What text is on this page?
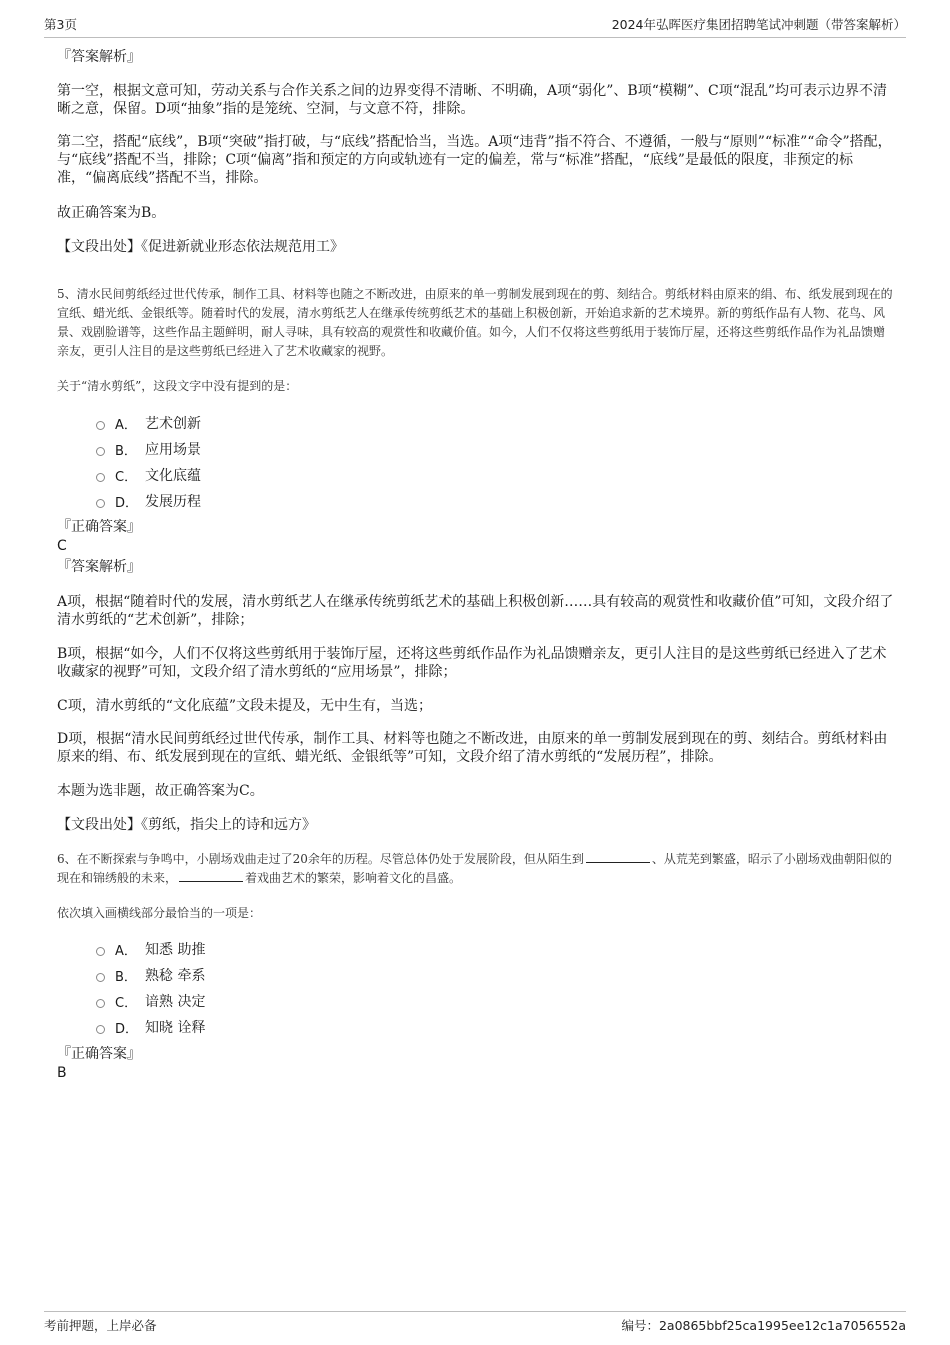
第3页	2024年弘晖医疗集团招聘笔试冲刺题（带答案解析）

『答案解析』

第一空，根据文意可知，劳动关系与合作关系之间的边界变得不清晰、不明确，A项“弱化”、B项“模糊”、C项“混乱”均可表示边界不清晰之意，保留。D项“抽象”指的是笼统、空洞，与文意不符，排除。

第二空，搭配“底线”，B项“突破”指打破，与“底线”搭配恰当，当选。A项“违背”指不符合、不遵循，一般与“原则”“标准”“命令”搭配，与“底线”搭配不当，排除；C项“偏离”指和预定的方向或轨迹有一定的偏差，常与“标准”搭配，“底线”是最低的限度，非预定的标准，“偏离底线”搭配不当，排除。

故正确答案为B。

【文段出处】《促进新就业形态依法规范用工》

5、清水民间剪纸经过世代传承，制作工具、材料等也随之不断改进，由原来的单一剪制发展到现在的剪、刻结合。剪纸材料由原来的绢、布、纸发展到现在的宣纸、蜡光纸、金银纸等。随着时代的发展，清水剪纸艺人在继承传统剪纸艺术的基础上积极创新，开始追求新的艺术境界。新的剪纸作品有人物、花鸟、风景、戏剧脸谱等，这些作品主题鲜明，耐人寻味，具有较高的观赏性和收藏价值。如今，人们不仅将这些剪纸用于装饰厅屋，还将这些剪纸作品作为礼品馈赠亲友，更引人注目的是这些剪纸已经进入了艺术收藏家的视野。

关于“清水剪纸”，这段文字中没有提到的是：

A． 艺术创新
B． 应用场景
C． 文化底蕴
D． 发展历程

『正确答案』

C

『答案解析』

A项，根据“随着时代的发展，清水剪纸艺人在继承传统剪纸艺术的基础上积极创新……具有较高的观赏性和收藏价值”可知，文段介绍了清水剪纸的“艺术创新”，排除；

B项，根据“如今，人们不仅将这些剪纸用于装饰厅屋，还将这些剪纸作品作为礼品馈赠亲友，更引人注目的是这些剪纸已经进入了艺术收藏家的视野”可知，文段介绍了清水剪纸的“应用场景”，排除；

C项，清水剪纸的“文化底蕴”文段未提及，无中生有，当选；

D项，根据“清水民间剪纸经过世代传承，制作工具、材料等也随之不断改进，由原来的单一剪制发展到现在的剪、刻结合。剪纸材料由原来的绢、布、纸发展到现在的宣纸、蜡光纸、金银纸等”可知，文段介绍了清水剪纸的“发展历程”，排除。

本题为选非题，故正确答案为C。

【文段出处】《剪纸，指尖上的诗和远方》

6、在不断探索与争鸣中，小剧场戏曲走过了20余年的历程。尽管总体仍处于发展阶段，但从陌生到	、从荒芜到繁盛，昭示了小剧场戏曲朝阳似的现在和锦绣般的未来，	着戏曲艺术的繁荣，影响着文化的昌盛。

依次填入画横线部分最恰当的一项是：

A． 知悉 助推
B． 熟稔 牵系
C． 谙熟 决定
D． 知晓 诠释

『正确答案』

B

考前押题，上岸必备	编号：2a0865bbf25ca1995ee12c1a7056552a
